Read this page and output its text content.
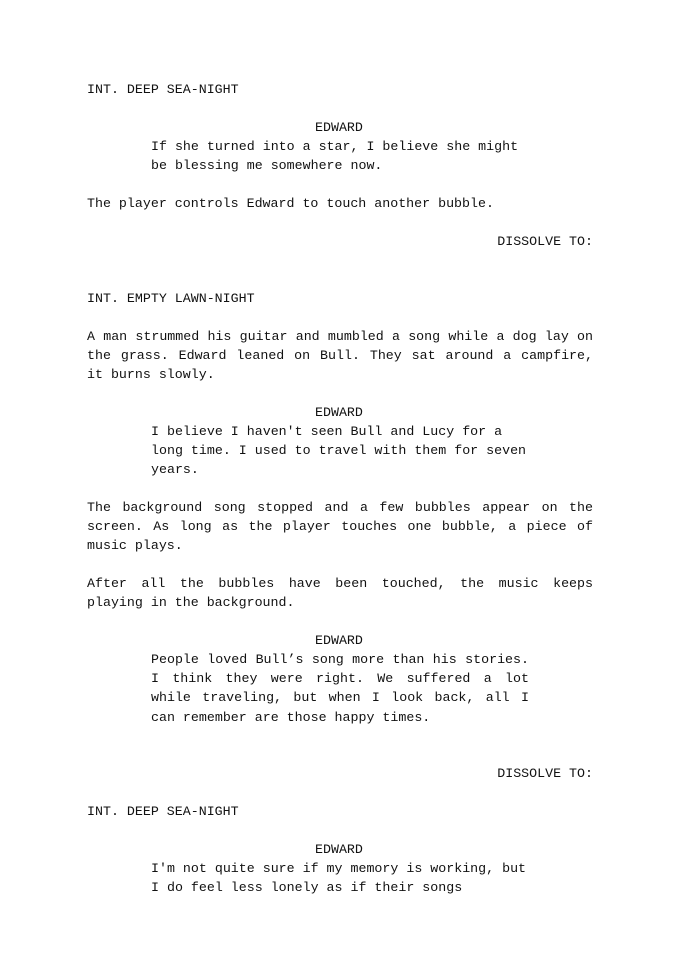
INT. DEEP SEA-NIGHT
EDWARD
If she turned into a star, I believe she might be blessing me somewhere now.
The player controls Edward to touch another bubble.
DISSOLVE TO:
INT. EMPTY LAWN-NIGHT
A man strummed his guitar and mumbled a song while a dog lay on the grass. Edward leaned on Bull. They sat around a campfire, it burns slowly.
EDWARD
I believe I haven't seen Bull and Lucy for a long time. I used to travel with them for seven years.
The background song stopped and a few bubbles appear on the screen. As long as the player touches one bubble, a piece of music plays.
After all the bubbles have been touched, the music keeps playing in the background.
EDWARD
People loved Bull’s song more than his stories. I think they were right. We suffered a lot while traveling, but when I look back, all I can remember are those happy times.
DISSOLVE TO:
INT. DEEP SEA-NIGHT
EDWARD
I'm not quite sure if my memory is working, but I do feel less lonely as if their songs
